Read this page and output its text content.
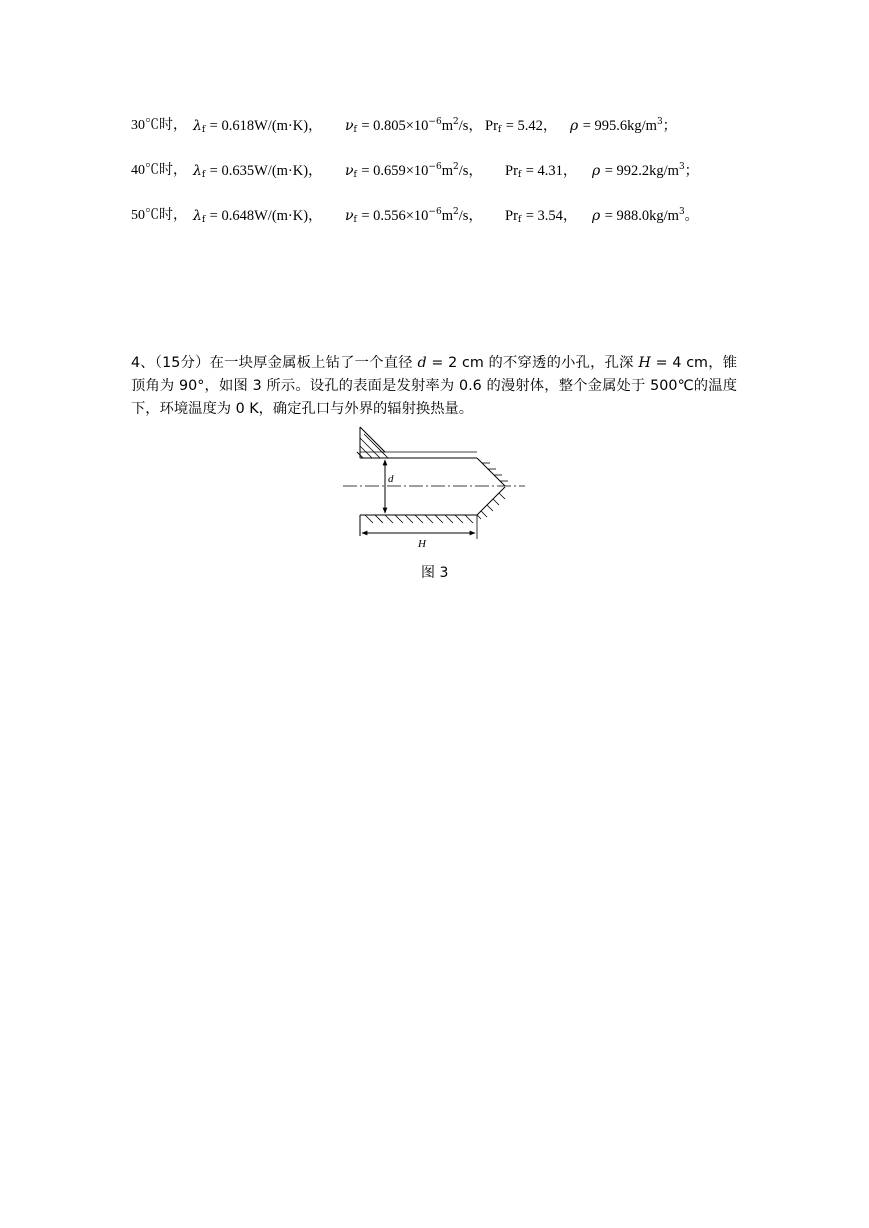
30℃时， $\lambda_f = 0.618W/(m\cdot K)$， $\nu_f = 0.805\times 10^{-6}m^2/s$， $Pr_f = 5.42$， $\rho = 995.6kg/m^3$；
40℃时， $\lambda_f = 0.635W/(m\cdot K)$， $\nu_f = 0.659\times 10^{-6}m^2/s$， $Pr_f = 4.31$， $\rho = 992.2kg/m^3$；
50℃时， $\lambda_f = 0.648W/(m\cdot K)$， $\nu_f = 0.556\times 10^{-6}m^2/s$， $Pr_f = 3.54$， $\rho = 988.0kg/m^3$。
4、（15分）在一块厚金属板上钻了一个直径 d = 2 cm 的不穿透的小孔，孔深 H = 4 cm，锥顶角为 90°，如图 3 所示。设孔的表面是发射率为 0.6 的漫射体，整个金属处于 500℃的温度下，环境温度为 0 K，确定孔口与外界的辐射换热量。
d
H
图 3
